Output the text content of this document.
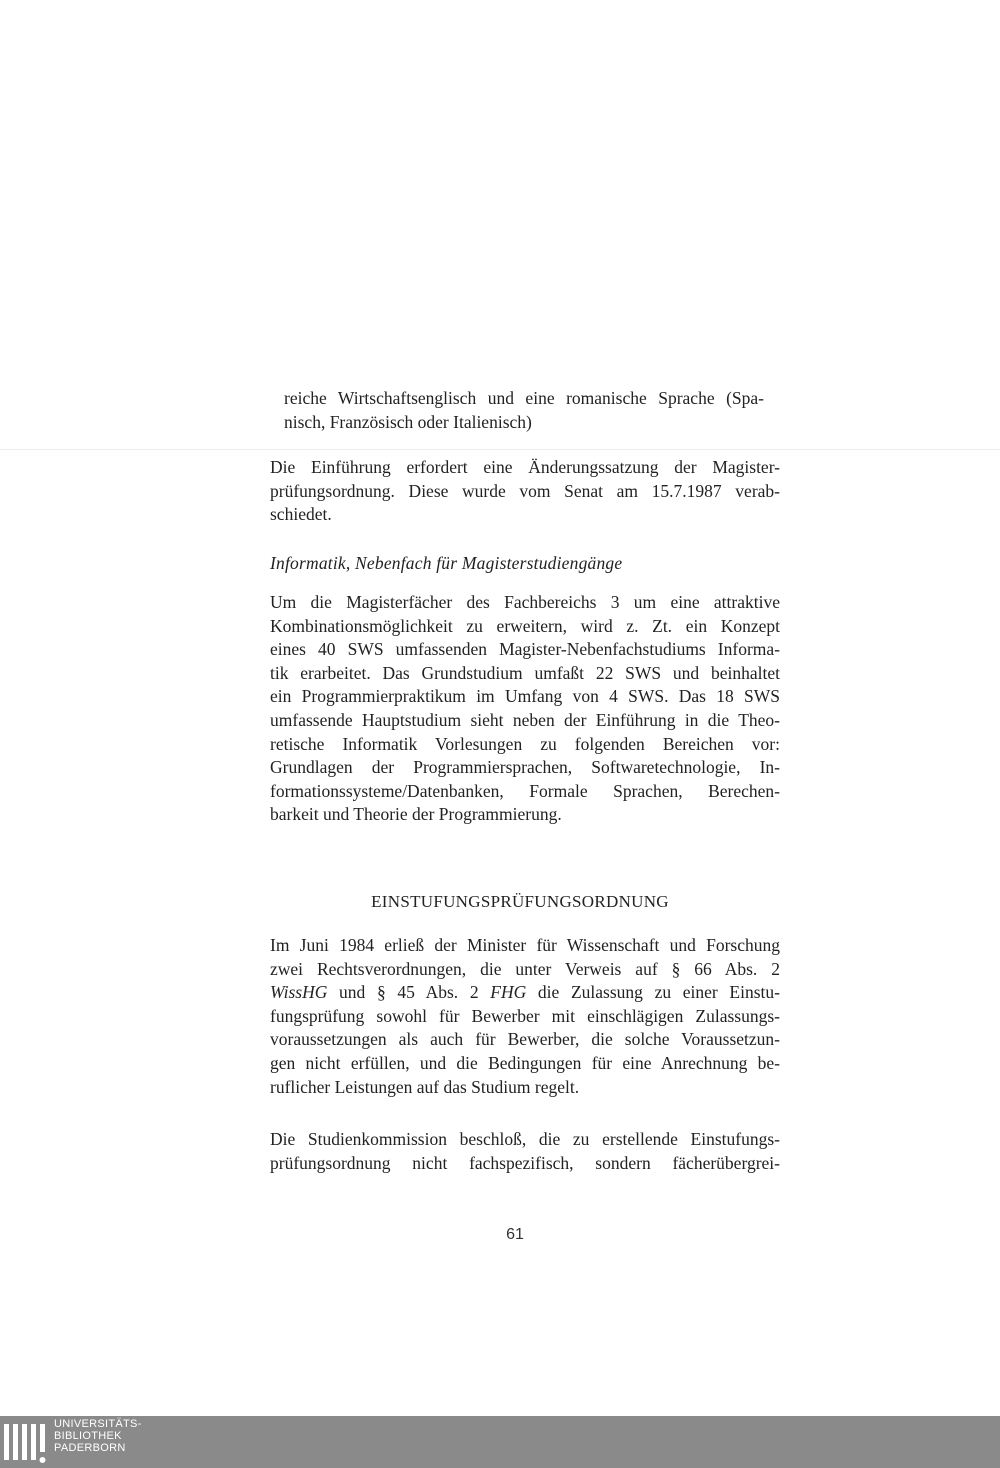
reiche Wirtschaftsenglisch und eine romanische Sprache (Spa-
nisch, Französisch oder Italienisch)
Die Einführung erfordert eine Änderungssatzung der Magister-
prüfungsordnung. Diese wurde vom Senat am 15.7.1987 verab-
schiedet.
Informatik, Nebenfach für Magisterstudiengänge
Um die Magisterfächer des Fachbereichs 3 um eine attraktive
Kombinationsmöglichkeit zu erweitern, wird z. Zt. ein Konzept
eines 40 SWS umfassenden Magister-Nebenfachstudiums Informa-
tik erarbeitet. Das Grundstudium umfaßt 22 SWS und beinhaltet
ein Programmierpraktikum im Umfang von 4 SWS. Das 18 SWS
umfassende Hauptstudium sieht neben der Einführung in die Theo-
retische Informatik Vorlesungen zu folgenden Bereichen vor:
Grundlagen der Programmiersprachen, Softwaretechnologie, In-
formationssysteme/Datenbanken, Formale Sprachen, Berechen-
barkeit und Theorie der Programmierung.
EINSTUFUNGSPRÜFUNGSORDNUNG
Im Juni 1984 erließ der Minister für Wissenschaft und Forschung
zwei Rechtsverordnungen, die unter Verweis auf § 66 Abs. 2
WissHG und § 45 Abs. 2 FHG die Zulassung zu einer Einstu-
fungsprüfung sowohl für Bewerber mit einschlägigen Zulassungs-
voraussetzungen als auch für Bewerber, die solche Voraussetzun-
gen nicht erfüllen, und die Bedingungen für eine Anrechnung be-
ruflicher Leistungen auf das Studium regelt.
Die Studienkommission beschloß, die zu erstellende Einstufungs-
prüfungsordnung nicht fachspezifisch, sondern fächerübergrei-
61
UNIVERSITÄTS-
BIBLIOTHEK
PADERBORN
